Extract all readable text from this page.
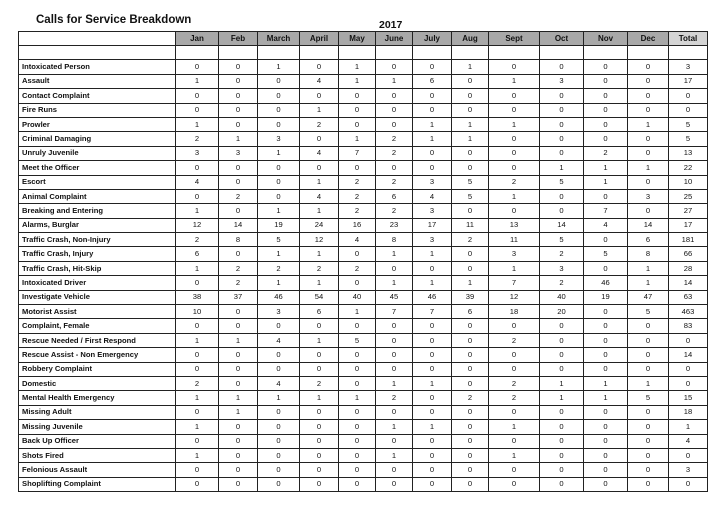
Calls for Service Breakdown	2017
	Jan	Feb	March	April	May	June	July	Aug	Sept	Oct	Nov	Dec	Total

Intoxicated Person	0	0	1	0	1	0	0	1	0	0	0	0	3
Assault	1	0	0	4	1	1	6	0	1	3	0	0	17
Contact Complaint	0	0	0	0	0	0	0	0	0	0	0	0	0
Fire Runs	0	0	0	1	0	0	0	0	0	0	0	0	0
Prowler	1	0	0	2	0	0	1	1	1	0	0	1	5
Criminal Damaging	2	1	3	0	1	2	1	1	0	0	0	0	5
Unruly Juvenile	3	3	1	4	7	2	0	0	0	0	2	0	13
Meet the Officer	0	0	0	0	0	0	0	0	0	1	1	1	22
Escort	4	0	0	1	2	2	3	5	2	5	1	0	10
Animal Complaint	0	2	0	4	2	6	4	5	1	0	0	3	25
Breaking and Entering	1	0	1	1	2	2	3	0	0	0	7	0	27
Alarms, Burglar	12	14	19	24	16	23	17	11	13	14	4	14	17
Traffic Crash, Non-Injury	2	8	5	12	4	8	3	2	11	5	0	6	181
Traffic Crash, Injury	6	0	1	1	0	1	1	0	3	2	5	8	66
Traffic Crash, Hit-Skip	1	2	2	2	2	0	0	0	1	3	0	1	28
Intoxicated Driver	0	2	1	1	0	1	1	1	7	2	46	1	14
Investigate Vehicle	38	37	46	54	40	45	46	39	12	40	19	47	63
Motorist Assist	10	0	3	6	1	7	7	6	18	20	0	5	463
Complaint, Female	0	0	0	0	0	0	0	0	0	0	0	0	83
Rescue Needed / First Respond	1	1	4	1	5	0	0	0	2	0	0	0	0
Rescue Assist - Non Emergency	0	0	0	0	0	0	0	0	0	0	0	0	14
Robbery Complaint	0	0	0	0	0	0	0	0	0	0	0	0	0
Domestic	2	0	4	2	0	1	1	0	2	1	1	1	0
Mental Health Emergency	1	1	1	1	1	2	0	2	2	1	1	5	15
Missing Adult	0	1	0	0	0	0	0	0	0	0	0	0	18
Missing Juvenile	1	0	0	0	0	1	1	0	1	0	0	0	1
Back Up Officer	0	0	0	0	0	0	0	0	0	0	0	0	4
Shots Fired	1	0	0	0	0	1	0	0	1	0	0	0	0
Felonious Assault	0	0	0	0	0	0	0	0	0	0	0	0	3
Shoplifting Complaint	0	0	0	0	0	0	0	0	0	0	0	0	0
